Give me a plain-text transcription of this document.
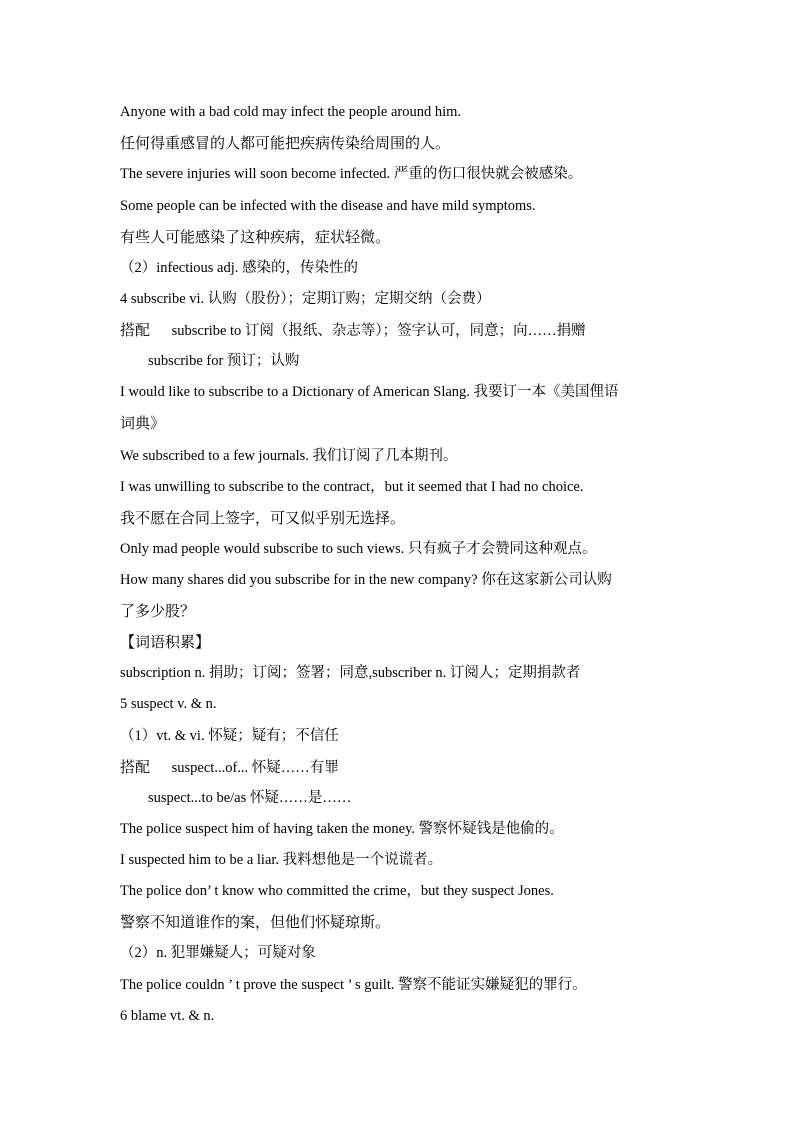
Anyone with a bad cold may infect the people around him.
任何得重感冒的人都可能把疾病传染给周围的人。
The severe injuries will soon become infected. 严重的伤口很快就会被感染。
Some people can be infected with the disease and have mild symptoms.
有些人可能感染了这种疾病，症状轻微。
（2）infectious adj. 感染的，传染性的
4 subscribe vi. 认购（股份）；定期订购；定期交纳（会费）
搭配 subscribe to 订阅（报纸、杂志等）；签字认可，同意；向……捐赠
subscribe for 预订；认购
I would like to subscribe to a Dictionary of American Slang. 我要订一本《美国俚语
词典》
We subscribed to a few journals. 我们订阅了几本期刊。
I was unwilling to subscribe to the contract，but it seemed that I had no choice.
我不愿在合同上签字，可又似乎别无选择。
Only mad people would subscribe to such views. 只有疯子才会赞同这种观点。
How many shares did you subscribe for in the new company? 你在这家新公司认购
了多少股？
【词语积累】
subscription n. 捐助；订阅；签署；同意,subscriber n. 订阅人；定期捐款者
5 suspect v. & n.
（1）vt. & vi. 怀疑；疑有；不信任
搭配 suspect...of... 怀疑……有罪
suspect...to be/as 怀疑……是……
The police suspect him of having taken the money. 警察怀疑钱是他偷的。
I suspected him to be a liar. 我料想他是一个说谎者。
The police don’ t know who committed the crime，but they suspect Jones.
警察不知道谁作的案，但他们怀疑琼斯。
（2）n. 犯罪嫌疑人；可疑对象
The police couldn ’ t prove the suspect ’ s guilt. 警察不能证实嫌疑犯的罪行。
6 blame vt. & n.
